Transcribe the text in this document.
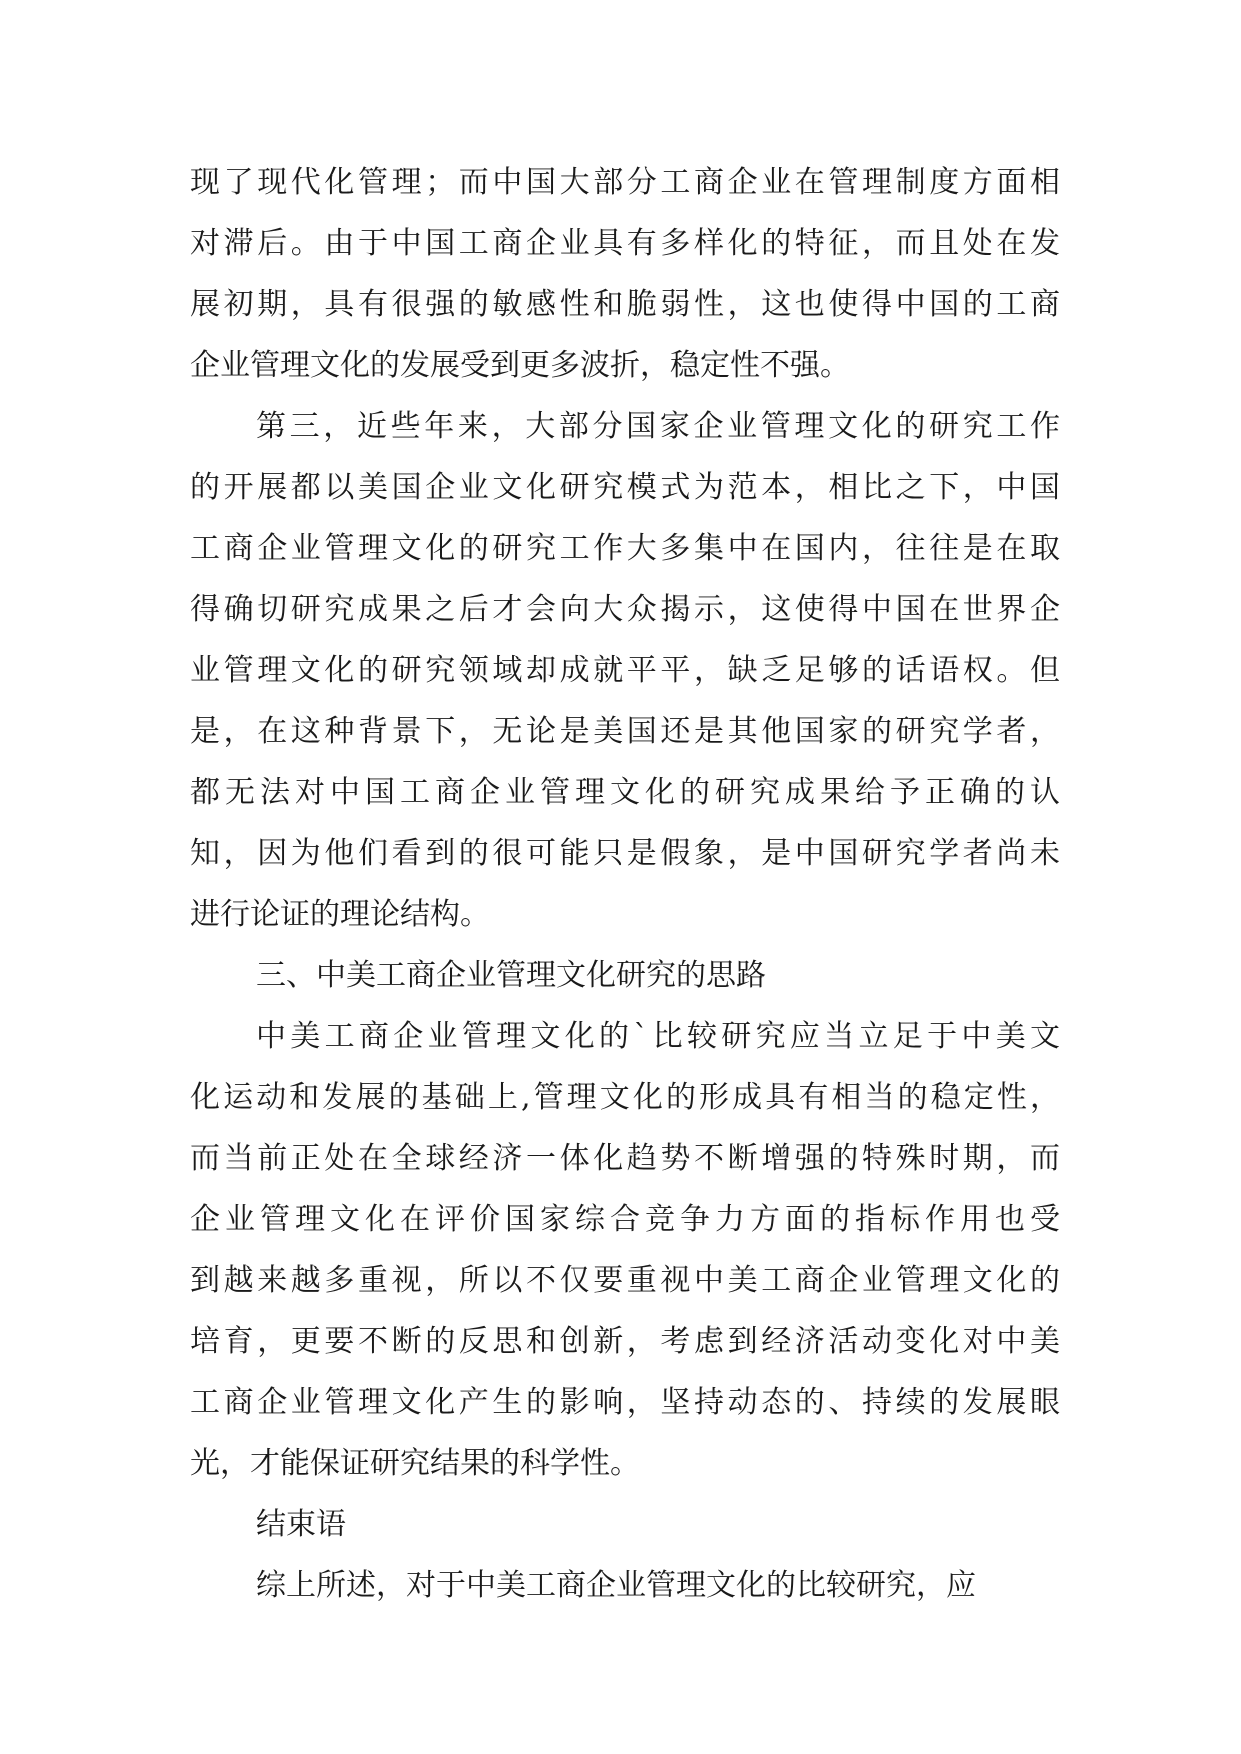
现了现代化管理；而中国大部分工商企业在管理制度方面相
对滞后。由于中国工商企业具有多样化的特征，而且处在发
展初期，具有很强的敏感性和脆弱性，这也使得中国的工商
企业管理文化的发展受到更多波折，稳定性不强。
第三，近些年来，大部分国家企业管理文化的研究工作
的开展都以美国企业文化研究模式为范本，相比之下，中国
工商企业管理文化的研究工作大多集中在国内，往往是在取
得确切研究成果之后才会向大众揭示，这使得中国在世界企
业管理文化的研究领域却成就平平，缺乏足够的话语权。但
是，在这种背景下，无论是美国还是其他国家的研究学者，
都无法对中国工商企业管理文化的研究成果给予正确的认
知，因为他们看到的很可能只是假象，是中国研究学者尚未
进行论证的理论结构。
三、中美工商企业管理文化研究的思路
中美工商企业管理文化的`比较研究应当立足于中美文
化运动和发展的基础上,管理文化的形成具有相当的稳定性，
而当前正处在全球经济一体化趋势不断增强的特殊时期，而
企业管理文化在评价国家综合竞争力方面的指标作用也受
到越来越多重视，所以不仅要重视中美工商企业管理文化的
培育，更要不断的反思和创新，考虑到经济活动变化对中美
工商企业管理文化产生的影响，坚持动态的、持续的发展眼
光，才能保证研究结果的科学性。
结束语
综上所述，对于中美工商企业管理文化的比较研究，应
